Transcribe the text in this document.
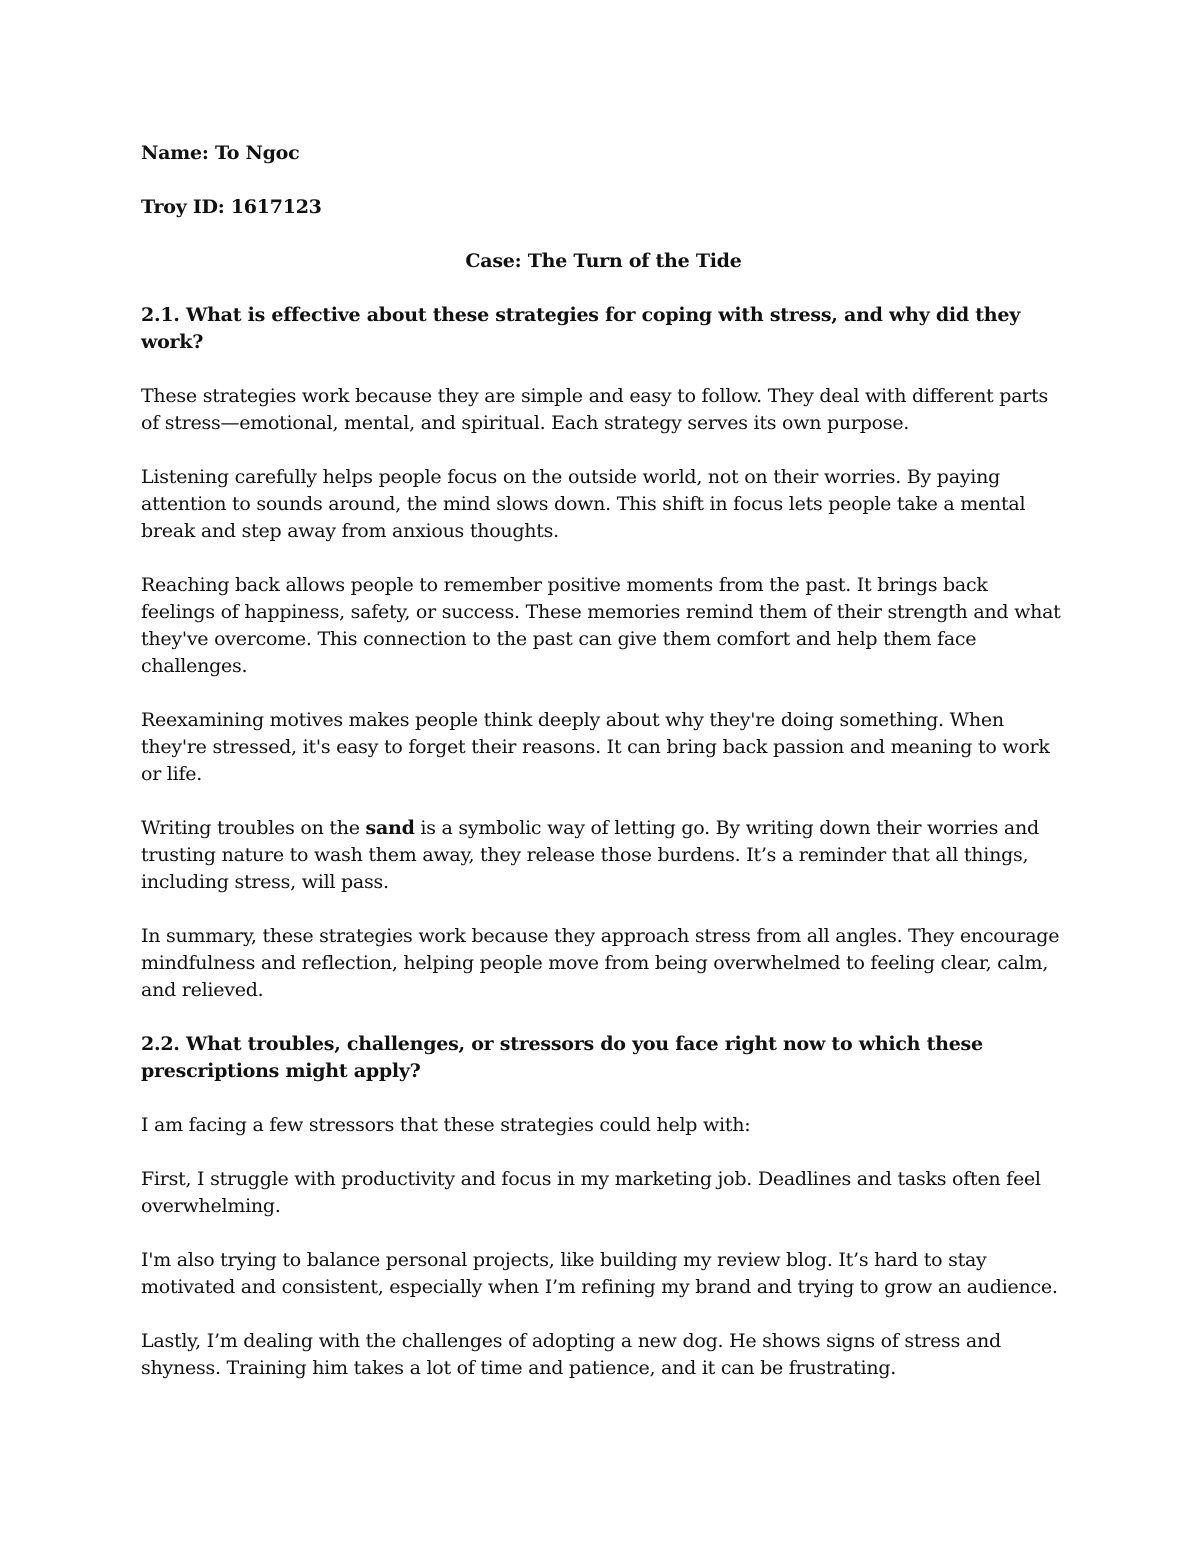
Name: To Ngoc

Troy ID: 1617123

Case: The Turn of the Tide

2.1. What is effective about these strategies for coping with stress, and why did they work?

These strategies work because they are simple and easy to follow. They deal with different parts of stress—emotional, mental, and spiritual. Each strategy serves its own purpose.

Listening carefully helps people focus on the outside world, not on their worries. By paying attention to sounds around, the mind slows down. This shift in focus lets people take a mental break and step away from anxious thoughts.

Reaching back allows people to remember positive moments from the past. It brings back feelings of happiness, safety, or success. These memories remind them of their strength and what they've overcome. This connection to the past can give them comfort and help them face challenges.

Reexamining motives makes people think deeply about why they're doing something. When they're stressed, it's easy to forget their reasons. It can bring back passion and meaning to work or life.

Writing troubles on the sand is a symbolic way of letting go. By writing down their worries and trusting nature to wash them away, they release those burdens. It’s a reminder that all things, including stress, will pass.

In summary, these strategies work because they approach stress from all angles. They encourage mindfulness and reflection, helping people move from being overwhelmed to feeling clear, calm, and relieved.

2.2. What troubles, challenges, or stressors do you face right now to which these prescriptions might apply?

I am facing a few stressors that these strategies could help with:

First, I struggle with productivity and focus in my marketing job. Deadlines and tasks often feel overwhelming.

I'm also trying to balance personal projects, like building my review blog. It’s hard to stay motivated and consistent, especially when I’m refining my brand and trying to grow an audience.

Lastly, I’m dealing with the challenges of adopting a new dog. He shows signs of stress and shyness. Training him takes a lot of time and patience, and it can be frustrating.
